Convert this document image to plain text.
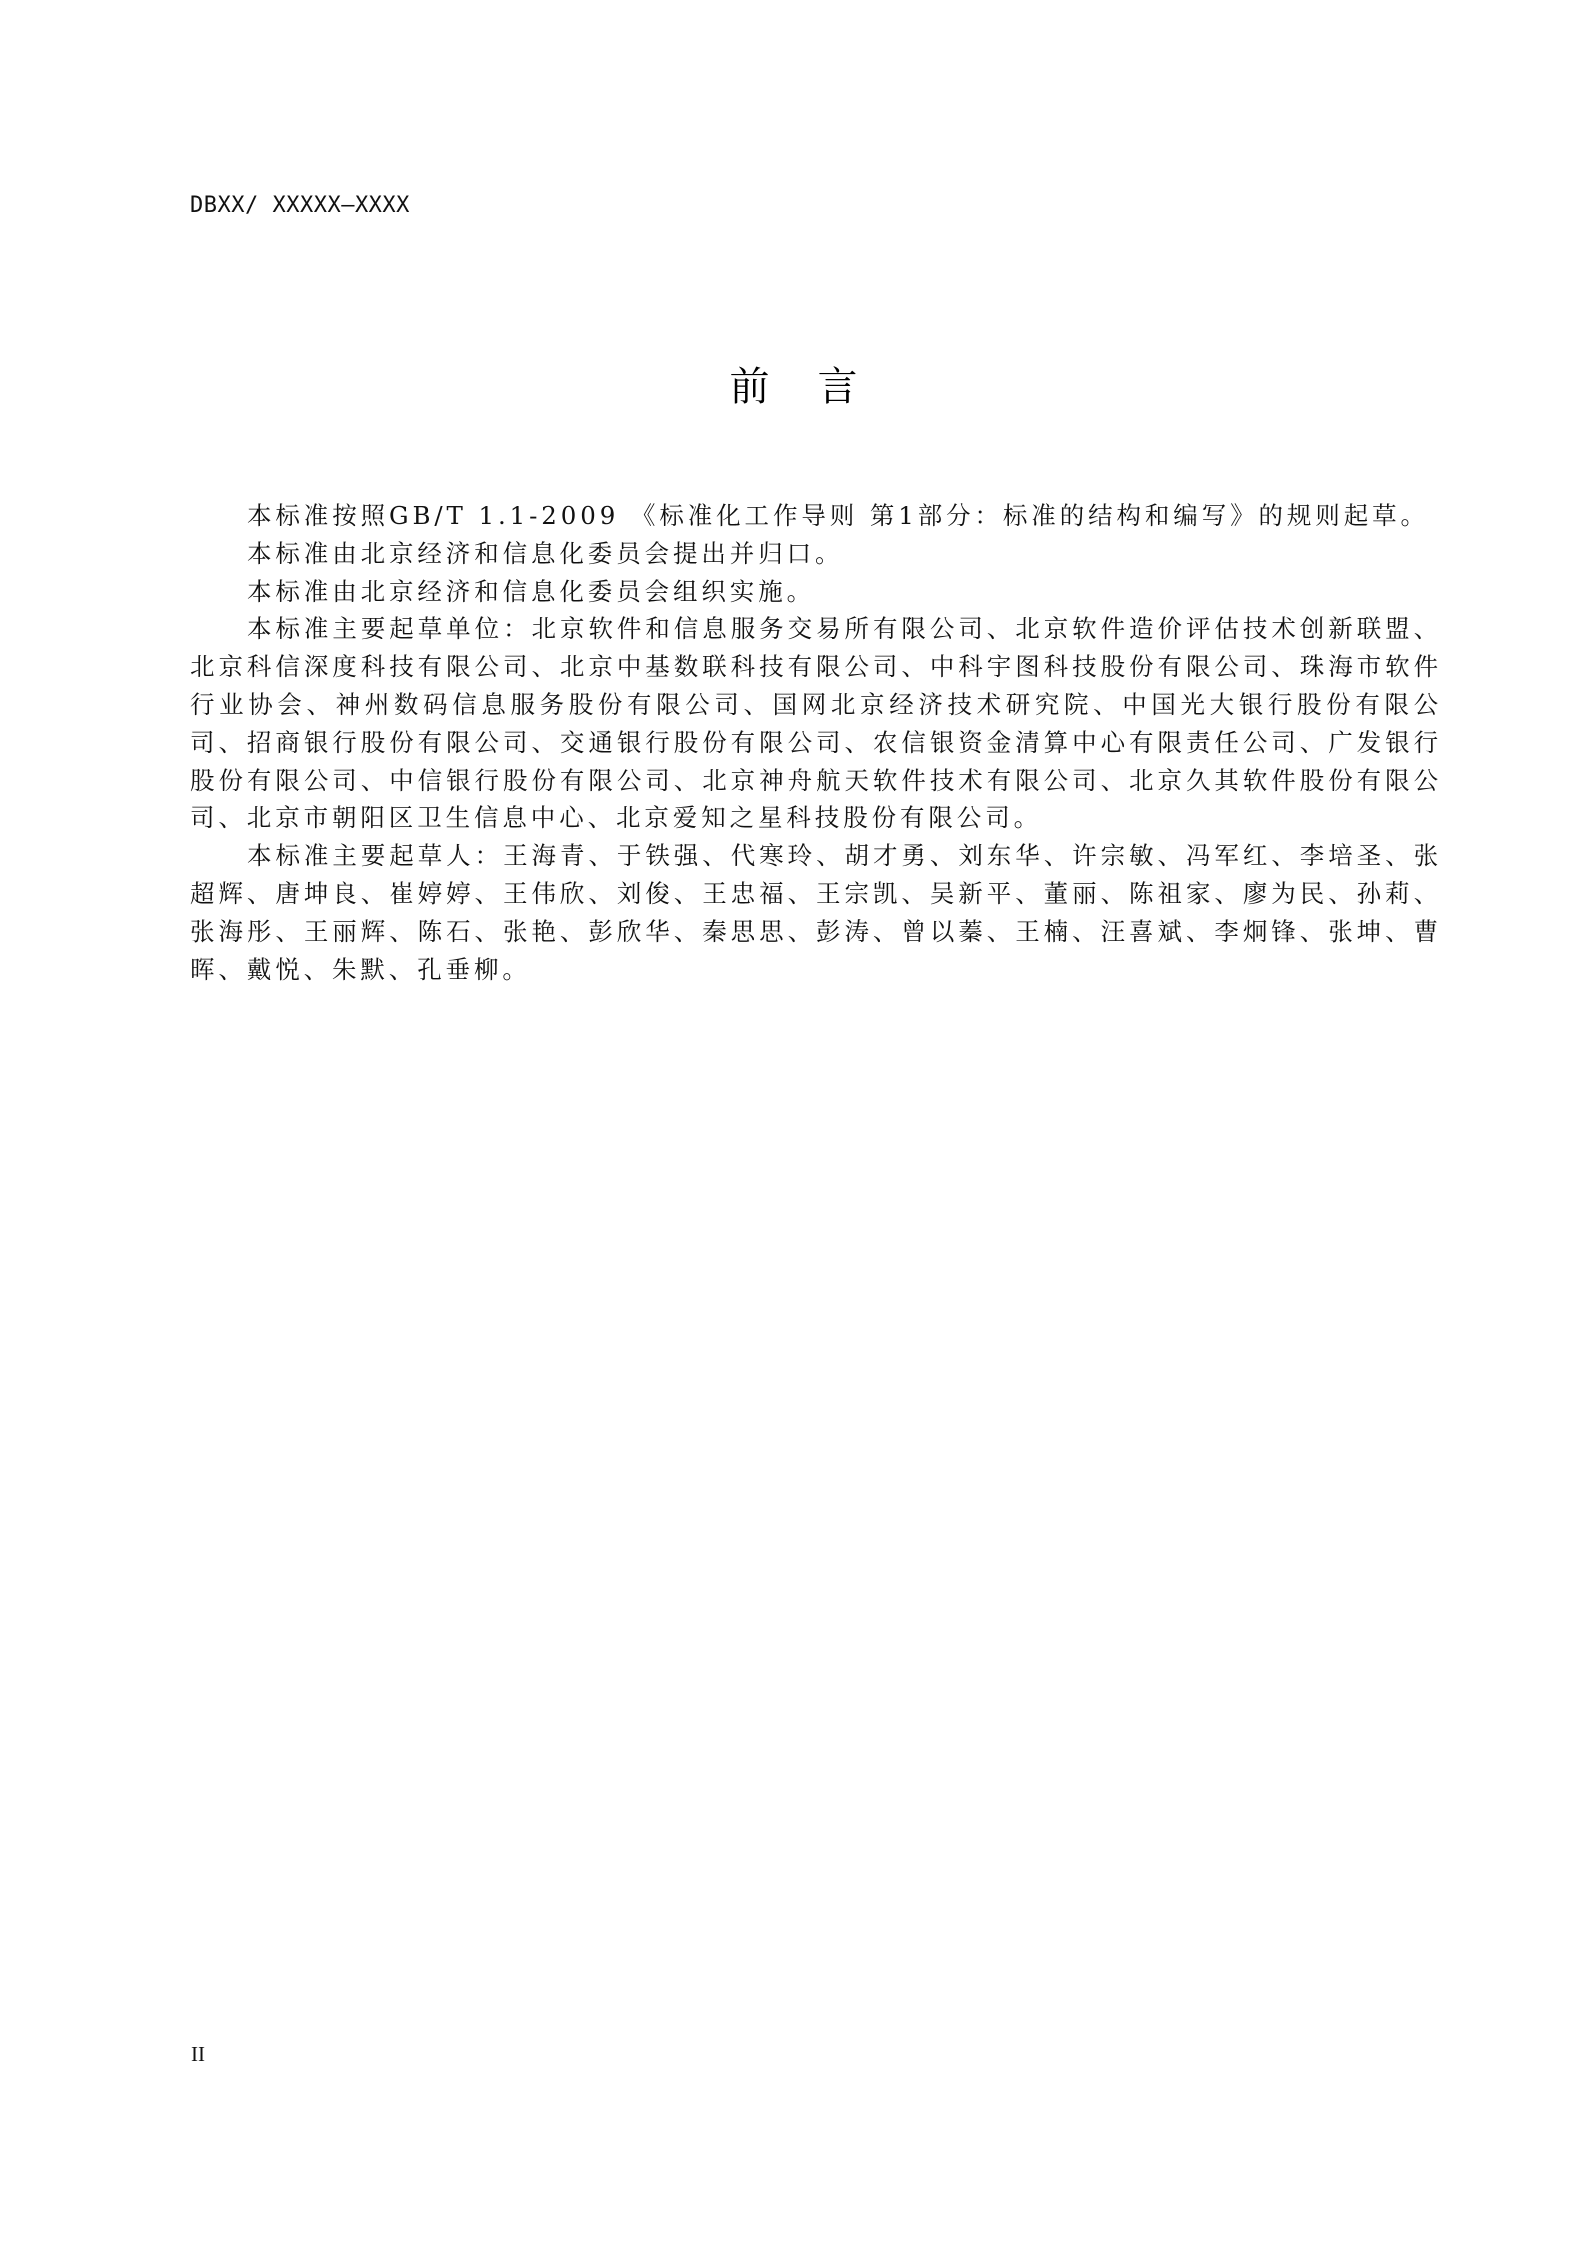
DBXX/ XXXXX—XXXX
前 言

本标准按照GB/T 1.1-2009 《标准化工作导则 第1部分：标准的结构和编写》的规则起草。

本标准由北京经济和信息化委员会提出并归口。

本标准由北京经济和信息化委员会组织实施。

本标准主要起草单位：北京软件和信息服务交易所有限公司、北京软件造价评估技术创新联盟、北京科信深度科技有限公司、北京中基数联科技有限公司、中科宇图科技股份有限公司、珠海市软件行业协会、神州数码信息服务股份有限公司、国网北京经济技术研究院、中国光大银行股份有限公司、招商银行股份有限公司、交通银行股份有限公司、农信银资金清算中心有限责任公司、广发银行股份有限公司、中信银行股份有限公司、北京神舟航天软件技术有限公司、北京久其软件股份有限公司、北京市朝阳区卫生信息中心、北京爱知之星科技股份有限公司。

本标准主要起草人：王海青、于铁强、代寒玲、胡才勇、刘东华、许宗敏、冯军红、李培圣、张超辉、唐坤良、崔婷婷、王伟欣、刘俊、王忠福、王宗凯、吴新平、董丽、陈祖家、廖为民、孙莉、张海彤、王丽辉、陈石、张艳、彭欣华、秦思思、彭涛、曾以蓁、王楠、汪喜斌、李炯锋、张坤、曹晖、戴悦、朱默、孔垂柳。

II
